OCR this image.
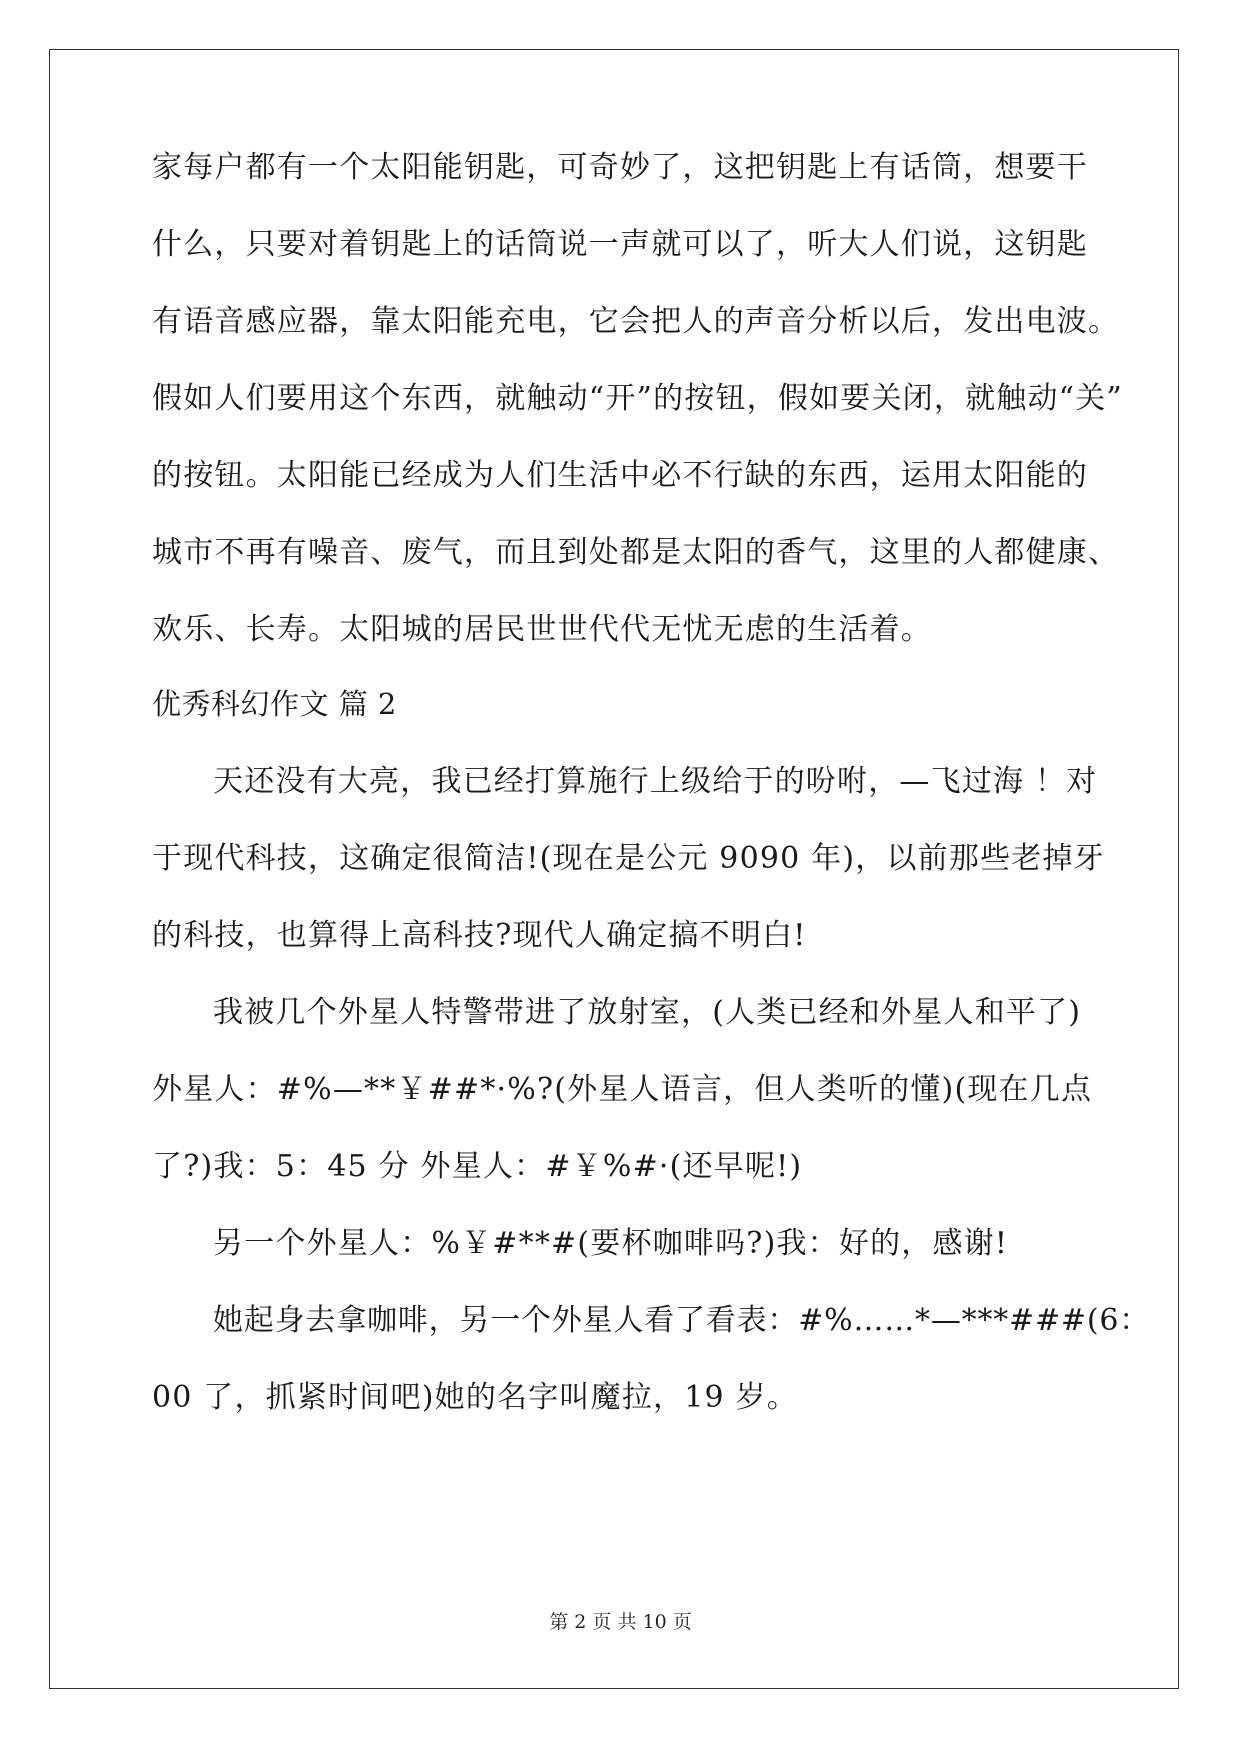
家每户都有一个太阳能钥匙，可奇妙了，这把钥匙上有话筒，想要干
什么，只要对着钥匙上的话筒说一声就可以了，听大人们说，这钥匙
有语音感应器，靠太阳能充电，它会把人的声音分析以后，发出电波。
假如人们要用这个东西，就触动“开”的按钮，假如要关闭，就触动“关”
的按钮。太阳能已经成为人们生活中必不行缺的东西，运用太阳能的
城市不再有噪音、废气，而且到处都是太阳的香气，这里的人都健康、
欢乐、长寿。太阳城的居民世世代代无忧无虑的生活着。
优秀科幻作文 篇 2
天还没有大亮，我已经打算施行上级给于的吩咐，—飞过海 ！对
于现代科技，这确定很简洁!(现在是公元 9090 年)，以前那些老掉牙
的科技，也算得上高科技?现代人确定搞不明白!
我被几个外星人特警带进了放射室，(人类已经和外星人和平了)
外星人：#%—**￥##*·%?(外星人语言，但人类听的懂)(现在几点
了?)我：5：45 分 外星人：#￥%#·(还早呢!)
另一个外星人：%￥#**#(要杯咖啡吗?)我：好的，感谢!
她起身去拿咖啡，另一个外星人看了看表：#%……*—***###(6：
00 了，抓紧时间吧)她的名字叫魔拉，19 岁。
第 2 页 共 10 页
